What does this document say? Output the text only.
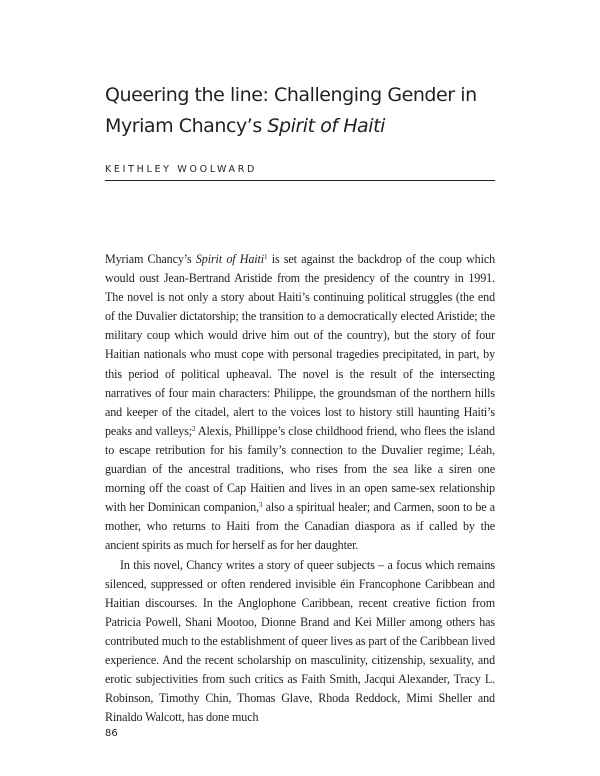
Queering the line: Challenging Gender in
Myriam Chancy’s Spirit of Haiti
KEITHLEY WOOLWARD

Myriam Chancy’s Spirit of Haiti$^1$ is set against the backdrop of the coup which would oust Jean-Bertrand Aristide from the presidency of the country in 1991. The novel is not only a story about Haiti’s continuing political struggles (the end of the Duvalier dictatorship; the transition to a democratically elected Aristide; the military coup which would drive him out of the country), but the story of four Haitian nationals who must cope with personal tragedies precipitated, in part, by this period of political upheaval. The novel is the result of the intersecting narratives of four main characters: Philippe, the groundsman of the northern hills and keeper of the citadel, alert to the voices lost to history still haunting Haiti’s peaks and valleys;$^2$ Alexis, Phillippe’s close childhood friend, who flees the island to escape retribution for his family’s connection to the Duvalier regime; Léah, guardian of the ancestral traditions, who rises from the sea like a siren one morning off the coast of Cap Haitien and lives in an open same-sex relationship with her Dominican companion,$^3$ also a spiritual healer; and Carmen, soon to be a mother, who returns to Haiti from the Canadian diaspora as if called by the ancient spirits as much for herself as for her daughter.

In this novel, Chancy writes a story of queer subjects – a focus which remains silenced, suppressed or often rendered invisible éin Francophone Caribbean and Haitian discourses. In the Anglophone Caribbean, recent creative fiction from Patricia Powell, Shani Mootoo, Dionne Brand and Kei Miller among others has contributed much to the establishment of queer lives as part of the Caribbean lived experience. And the recent scholarship on masculinity, citizenship, sexuality, and erotic subjectivities from such critics as Faith Smith, Jacqui Alexander, Tracy L. Robinson, Timothy Chin, Thomas Glave, Rhoda Reddock, Mimi Sheller and Rinaldo Walcott, has done much

86
